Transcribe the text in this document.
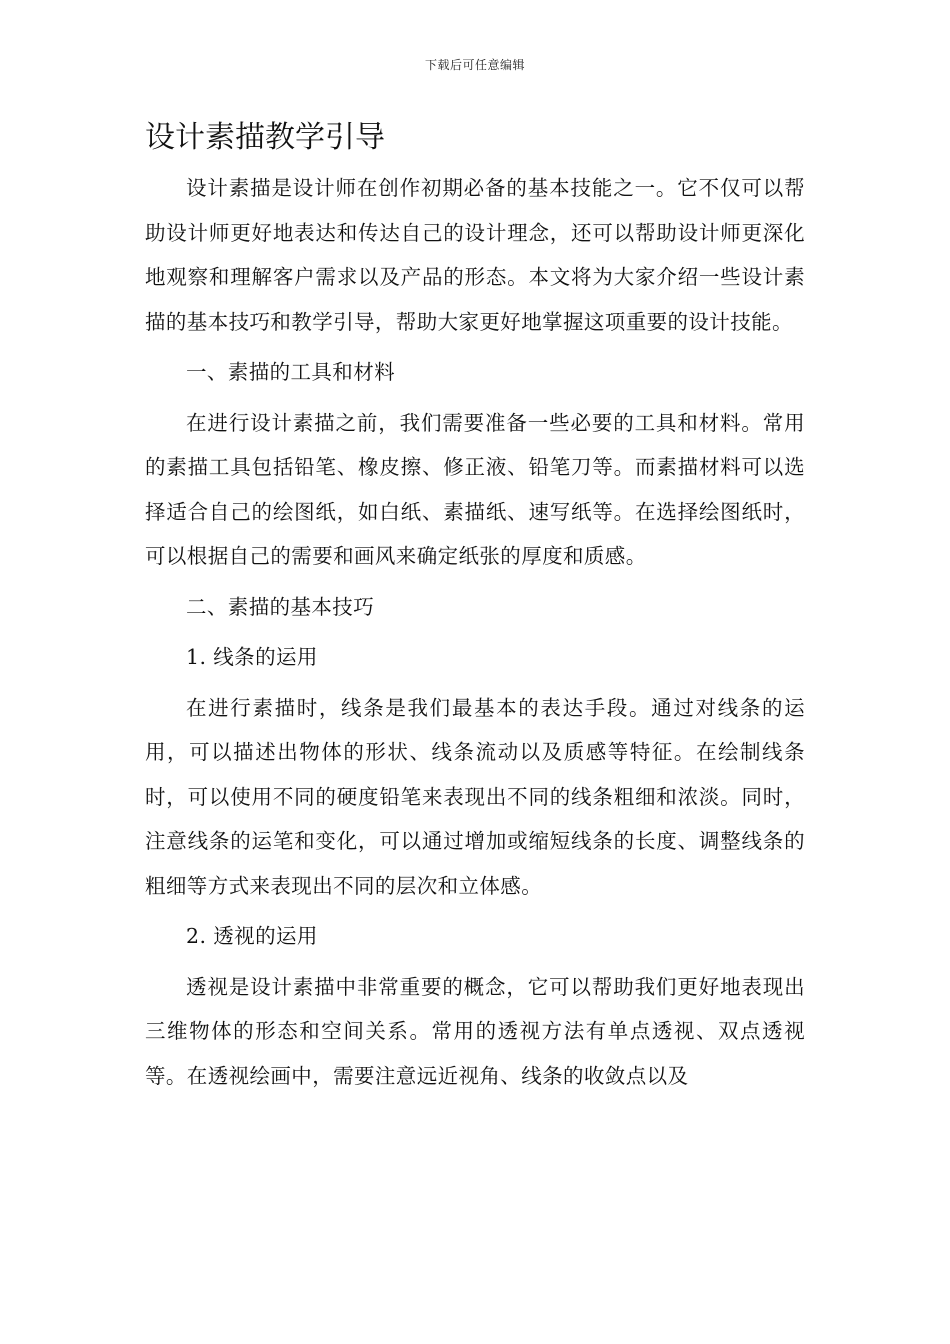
下载后可任意编辑
设计素描教学引导

设计素描是设计师在创作初期必备的基本技能之一。它不仅可以帮助设计师更好地表达和传达自己的设计理念，还可以帮助设计师更深化地观察和理解客户需求以及产品的形态。本文将为大家介绍一些设计素描的基本技巧和教学引导，帮助大家更好地掌握这项重要的设计技能。

一、素描的工具和材料

在进行设计素描之前，我们需要准备一些必要的工具和材料。常用的素描工具包括铅笔、橡皮擦、修正液、铅笔刀等。而素描材料可以选择适合自己的绘图纸，如白纸、素描纸、速写纸等。在选择绘图纸时，可以根据自己的需要和画风来确定纸张的厚度和质感。

二、素描的基本技巧

1. 线条的运用

在进行素描时，线条是我们最基本的表达手段。通过对线条的运用，可以描述出物体的形状、线条流动以及质感等特征。在绘制线条时，可以使用不同的硬度铅笔来表现出不同的线条粗细和浓淡。同时，注意线条的运笔和变化，可以通过增加或缩短线条的长度、调整线条的粗细等方式来表现出不同的层次和立体感。

2. 透视的运用

透视是设计素描中非常重要的概念，它可以帮助我们更好地表现出三维物体的形态和空间关系。常用的透视方法有单点透视、双点透视等。在透视绘画中，需要注意远近视角、线条的收敛点以及
